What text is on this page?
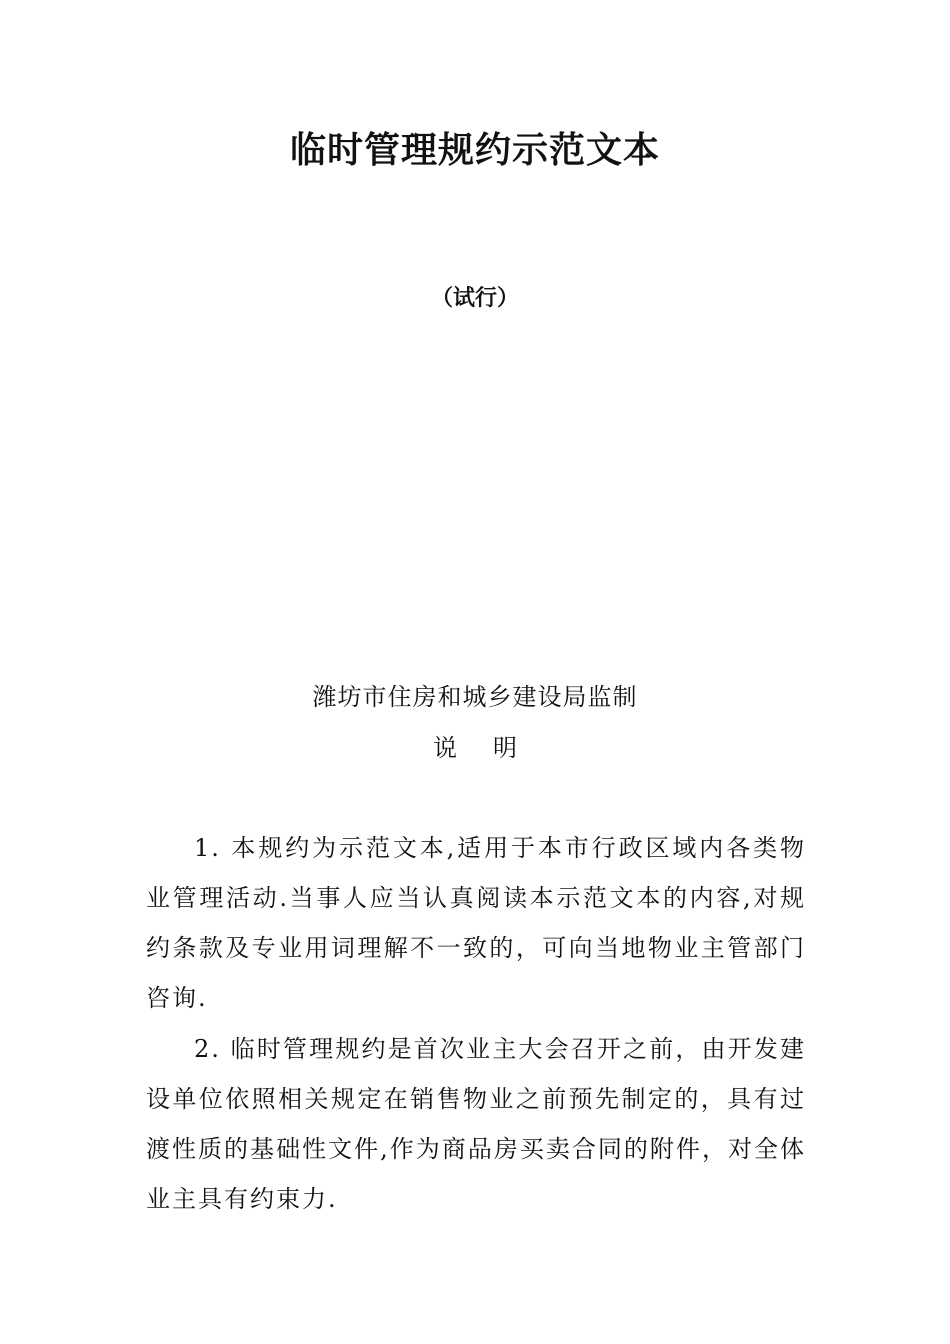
临时管理规约示范文本
（试行）
潍坊市住房和城乡建设局监制
说 明

1. 本规约为示范文本,适用于本市行政区域内各类物业管理活动.当事人应当认真阅读本示范文本的内容,对规约条款及专业用词理解不一致的，可向当地物业主管部门咨询.

2. 临时管理规约是首次业主大会召开之前，由开发建设单位依照相关规定在销售物业之前预先制定的，具有过渡性质的基础性文件,作为商品房买卖合同的附件，对全体业主具有约束力.
